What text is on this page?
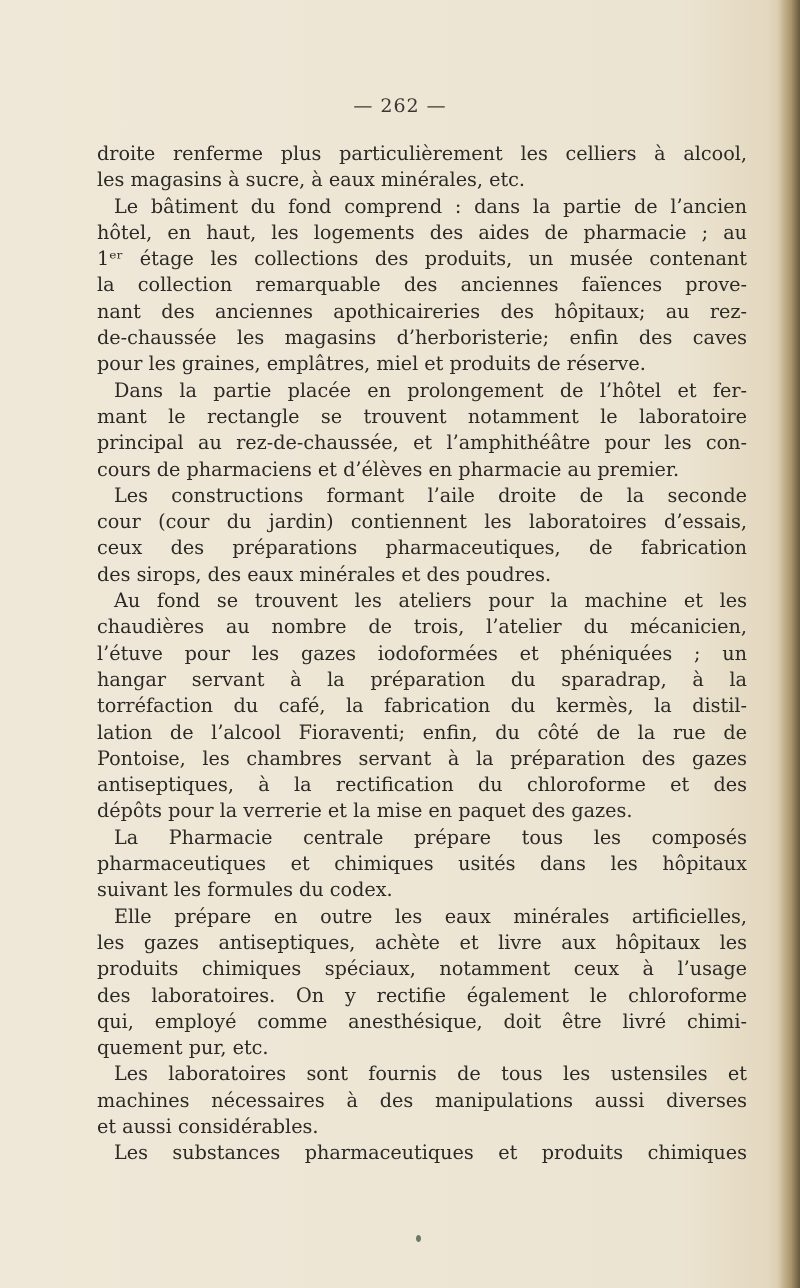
— 262 —
droite renferme plus particulièrement les celliers à alcool,
les magasins à sucre, à eaux minérales, etc.
Le bâtiment du fond comprend : dans la partie de l’ancien
hôtel, en haut, les logements des aides de pharmacie ; au
1ᵉʳ étage les collections des produits, un musée contenant
la collection remarquable des anciennes faïences prove-
nant des anciennes apothicaireries des hôpitaux; au rez-
de-chaussée les magasins d’herboristerie; enfin des caves
pour les graines, emplâtres, miel et produits de réserve.
Dans la partie placée en prolongement de l’hôtel et fer-
mant le rectangle se trouvent notamment le laboratoire
principal au rez-de-chaussée, et l’amphithéâtre pour les con-
cours de pharmaciens et d’élèves en pharmacie au premier.
Les constructions formant l’aile droite de la seconde
cour (cour du jardin) contiennent les laboratoires d’essais,
ceux des préparations pharmaceutiques, de fabrication
des sirops, des eaux minérales et des poudres.
Au fond se trouvent les ateliers pour la machine et les
chaudières au nombre de trois, l’atelier du mécanicien,
l’étuve pour les gazes iodoformées et phéniquées ; un
hangar servant à la préparation du sparadrap, à la
torréfaction du café, la fabrication du kermès, la distil-
lation de l’alcool Fioraventi; enfin, du côté de la rue de
Pontoise, les chambres servant à la préparation des gazes
antiseptiques, à la rectification du chloroforme et des
dépôts pour la verrerie et la mise en paquet des gazes.
La Pharmacie centrale prépare tous les composés
pharmaceutiques et chimiques usités dans les hôpitaux
suivant les formules du codex.
Elle prépare en outre les eaux minérales artificielles,
les gazes antiseptiques, achète et livre aux hôpitaux les
produits chimiques spéciaux, notamment ceux à l’usage
des laboratoires. On y rectifie également le chloroforme
qui, employé comme anesthésique, doit être livré chimi-
quement pur, etc.
Les laboratoires sont fournis de tous les ustensiles et
machines nécessaires à des manipulations aussi diverses
et aussi considérables.
Les substances pharmaceutiques et produits chimiques
